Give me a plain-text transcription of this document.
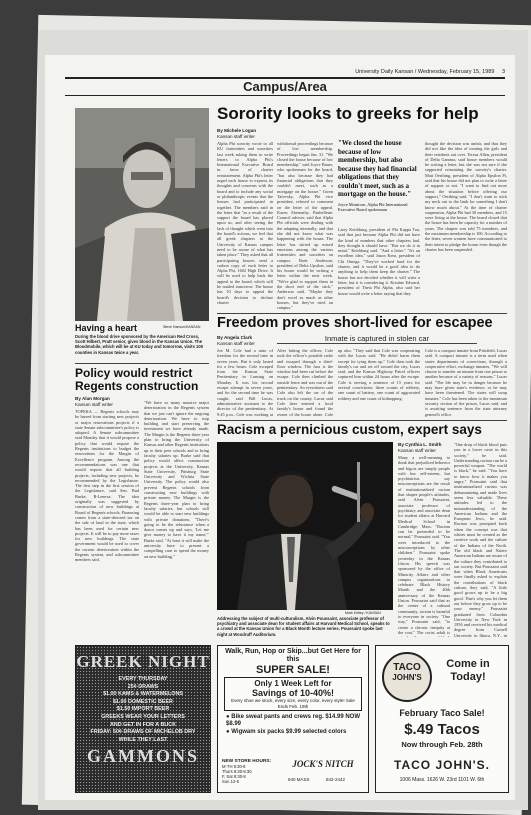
University Daily Kansan / Wednesday, February 15, 1989 3
Campus/Area
Having a heart	Steve Hanson/KANSAN
During the blood drive sponsored by the American Red Cross, Scott Hilbert, Pratt senior, gives blood in the Kansas Union. The Bloodmobile, which will be at KU today and tomorrow, visits 100 counties in Kansas twice a year.
Sorority looks to greeks for help
By Michele Logan
Kansan staff writer
Alpha Phi sorority wrote to all KU fraternities and sororities last week asking them to write letters to Alpha Phi's International Executive Board in favor of charter reinstatement. Alpha Phi's letter urged each house to express its thoughts and concerns with the board and to include any social or philanthropic events that the houses had participated in together. The members said in the letter that "as a result of the support the board has placed upon us, and after seeing the lack of thought which went into the board's actions, we feel that all greek chapters at the University of Kansas campus need to be aware of what has taken place." They asked that all participating houses send a carbon copy of each letter to Alpha Phi, 1602 High Drive. It will be used to help back the appeal to the board, which will be mailed tomorrow. The house has 10 days to appeal the board's decision to declare charter
withdrawal proceedings because of low membership. Proceedings began Jan. 31. "We closed the house because of low membership," said Joyce Bauer, who spokesman for the board, "but also because they had financial obligations that they couldn't meet, such as a mortgage on the house." Gwen Tafovsky, Alpha Phi vice president, refused to comment on the letter of the appeal. Karen Abernathy, Panhellenic Council adviser, said that Alpha Phi officials were dealing with the adapting internally, and that she did not know what was happening with the house. The letter has stirred up mixed emotions among the various fraternities and sororities on campus. Brett Anderson, president of Delta Upsilon, said his house would be writing a letter within the next week. "We're glad to support them in the short end of the stick," Anderson said. "Maybe they don't excel as much as other houses, but they've tried on campus."
"We closed the house because of low membership, but also because they had financial obligations that they couldn't meet, such as a mortgage on the house."
Joyce Montrose, Alpha Phi International Executive Board spokesman
Larry Keithburg, president of Phi Kappa Tau, said that just because Alpha Phi did not have the kind of numbers that other chapters had, they thought it should have. "But we do it in mind," Keithburg said. "And a letter." "It's an excellent idea," said Jason Kent, president of Chi Omega. "They've worked hard for the charter, and it would be a good idea to do anything to help them keep the charter." The house has not decided whether it will write a letter, but it is considering it. Kristine Edward, president of Theta Phi Alpha, also said her house would write a letter saying that they
thought the decision was unfair, and that they did not like the idea of treating the girls and their residents out over. Teresa Allen, president of Delta Gamma, said house members would be writing a letter, but she was not sure if she supported reinstating the sorority's charter. Matt Oerthing, president of Alpha Epsilon Pi, said that his house did not plan to write a letter of support or not. "I want to find out more about the situation before offering our support," Oerthing said. "I don't want to stick my neck out to the limb for something I don't know much about." At the time of charter suspension, Alpha Phi had 30 members, and 15 were living at the house. The board closed that the house has been be capacity for a number of years. The chapter was told 75 members, and the maximum membership is 100. According to the letter, seven women have communicated to their intent to pledge the house even though the charter has been suspended.
Freedom proves short-lived for escapee
By Angela Clark
Kansan staff writer
Inmate is captured in stolen car
Joe M. Cole had a taste of freedom for the second time in seven years. But it only lasted for a few hours. Cole escaped from the Kansas State Penitentiary in Lansing on Monday. It was his second escape attempt in seven years, and for the second time he was caught, said Bill Lucas, administrative assistant to the director of the penitentiary. At 9:45 p.m., Cole was working at
After hitting the officer, Cole took the officer's portable radio and escaped through a third-floor window. The fuss is the window had been cut before the escape. Cole then climbed the outside fence and was out of the penitentiary. An eyewitness said Cole also left the car of the truck on the county. Lucas said Cole later entered a local family's house and found the owner of the house alone. Cole
up also. "They said that Cole was cooperating with the Lucas said. "He didn't harm them except for tying them up." Cole then took the family's car and set off toward the city, Lucas said, and the Kansas Highway Patrol officers captured him within 24 hours after the escape. Cole is serving a sentence of 15 years for several convictions: three counts of robbery, one count of battery, one count of aggravated robbery and one count of kidnapping.
Cole is a compact inmate from Pittsfield, Lucas said. A compact inmate is a term used when states departments of corrections, through a cooperative effort, exchange inmates. "We will choose to transfer an inmate from one prison to another because of a variety of reasons," Lucas said. "The life may be in danger because he may have given state's evidence, or he may have been threatened. The states will swap inmates." Cole has been taken to the maximum security section of the prison, Lucas said, and is awaiting sentence from the state attorney general's office.
Policy would restrict Regents construction
By Alan Morgan
Kansan staff writer
TOPEKA — Regents schools may be barred from starting new projects or major renovations projects if a state Senate subcommittee's policy is adopted. A Senate subcommittee said Monday that it would propose a policy that would require the Regents institutions to budget the renovations for the Margin of Excellence program. Among the recommendations was one that would require that all building projects, including new projects, be recommended by the Legislature. The first step in the first session of the Legislature, said Sen. Bud Burke, R-Lenexa. The idea originally was suggested by construction of new buildings at Board of Regents schools. Financing comes from a state-directed tax on the sale of land in the state, which has been used for certain new projects. It will be to pay more taxes for new buildings. The state government would be used to cover the current deterioration within the Regents system, and subcommittee members said.
"We have so many massive major deterioration in the Regents system that we just can't ignore the ongoing deterioration. We have to stop building and start preserving the investment we have already made. The Margin is the Regents three-year plan to bring the University of Kansas and other Regents institutions up to their peer schools and to bring faculty salaries up. Burke said that policy would affect construction projects at the University, Kansas State University, Pittsburg State University and Wichita State University. The policy would also prevent Regents schools from constructing new buildings with private money. The Margin is the Regents three-year plan to bring faculty salaries, but schools still would be able to start new buildings with private donations. "There's going to be the reluctance when a donor comes up and says, 'Let me give money to have it my name,'" Burke said. "At least it will make the university have to present a compelling case to spend the money on new building."
Racism a pernicious custom, expert says
Mark Kirtley / KANSAN
Addressing the subject of multi-culturalism, Alvin Poussaint, associate professor of psychiatry and associate dean for student affairs at Harvard Medical School, speaks to a crowd at the Kansas Union for a Black Month lecture series. Poussaint spoke last night at Woodruff Auditorium.
By Cynthia L. Smith
Kansan staff writer
Many a well-meaning to think that prejudiced behavior and bigots are simply people with low self-esteem, but psychiatrists say misconceptions are the result of institutionalized racism that shapes people's attitudes, said Alvin Poussaint, associate professor of psychiatry and associate dean for student affairs at Harvard Medical School in Cambridge, Mass. "Racism can be pretended to be normal," Poussaint said. "You were introduced to the misconceptions by other children." Poussaint spoke yesterday in the Kansas Union. His speech was sponsored by the office of Minority Affairs and other campus organizations to celebrate Black History Month and the 40th anniversary of the Kansas Union. Poussaint said that as the center of a cultural community, racism is harmful to everyone in society. "One way," Poussaint said, "to create a chronic inequity at the root." The racist adult is
"One drop of black blood puts you in a lower caste in this society," he said. Understanding racism can be a powerful weapon. "The world is black," he said. "You have to know how it makes you angry." Poussaint said that institutionalized racism was dehumanizing and made lives seem less valuable. These attitudes led to the misunderstanding of the American Indians and the European Jews, he said. Racism was prompted back when the concept was that whites must be created as the creative work and the culture of the Indians of the North. The old black and Native American Indians are aware of the culture they contributed to our society. But Poussaint said that when Black Americans were finally asked to explain the contributions of black culture, they said, "A little good grows up to be a big good. That's why you let them out before they grow up to be your enemy." Poussaint graduated from Columbia University in New York in 1956 and received his medical degree from Cornell University in Ithaca, N.Y., in
GREEK NIGHT
EVERY THURSDAY
25¢ DRAWS
$1.00 KAMS & WATERMELONS
$1.00 DOMESTIC BEER
$1.50 IMPORT BEER
GREEKS WEAR YOUR LETTERS
AND GET IN FOR A BUCK
FRIDAY: 50¢ DRAWS OF MICHELOB DRY
WHILE THEY LAST
GAMMONS
Walk, Run, Hop or Skip...but Get Here for this
SUPER SALE!
Only 1 Week Left for
Savings of 10-40%!
Every shoe we stock, every size, every color, every style! Sale Ends Feb. 19th
● Bike sweat pants and crews reg. $14.99 NOW $8.99
● Wigwam six packs $9.99 selected colors
NEW STORE HOURS:
M-TH 9:30-8
Thurs 9:30-8:30
F, Sat 9:30-8
Sun 12-5
JOCK'S NITCH
840 MASS	842-2442
TACO
JOHN'S
Come in Today!
February Taco Sale!
$.49 Tacos
Now through Feb. 28th
TACO JOHN'S.
1006 Mass. 1626 W. 23rd 1101 W. 6th
